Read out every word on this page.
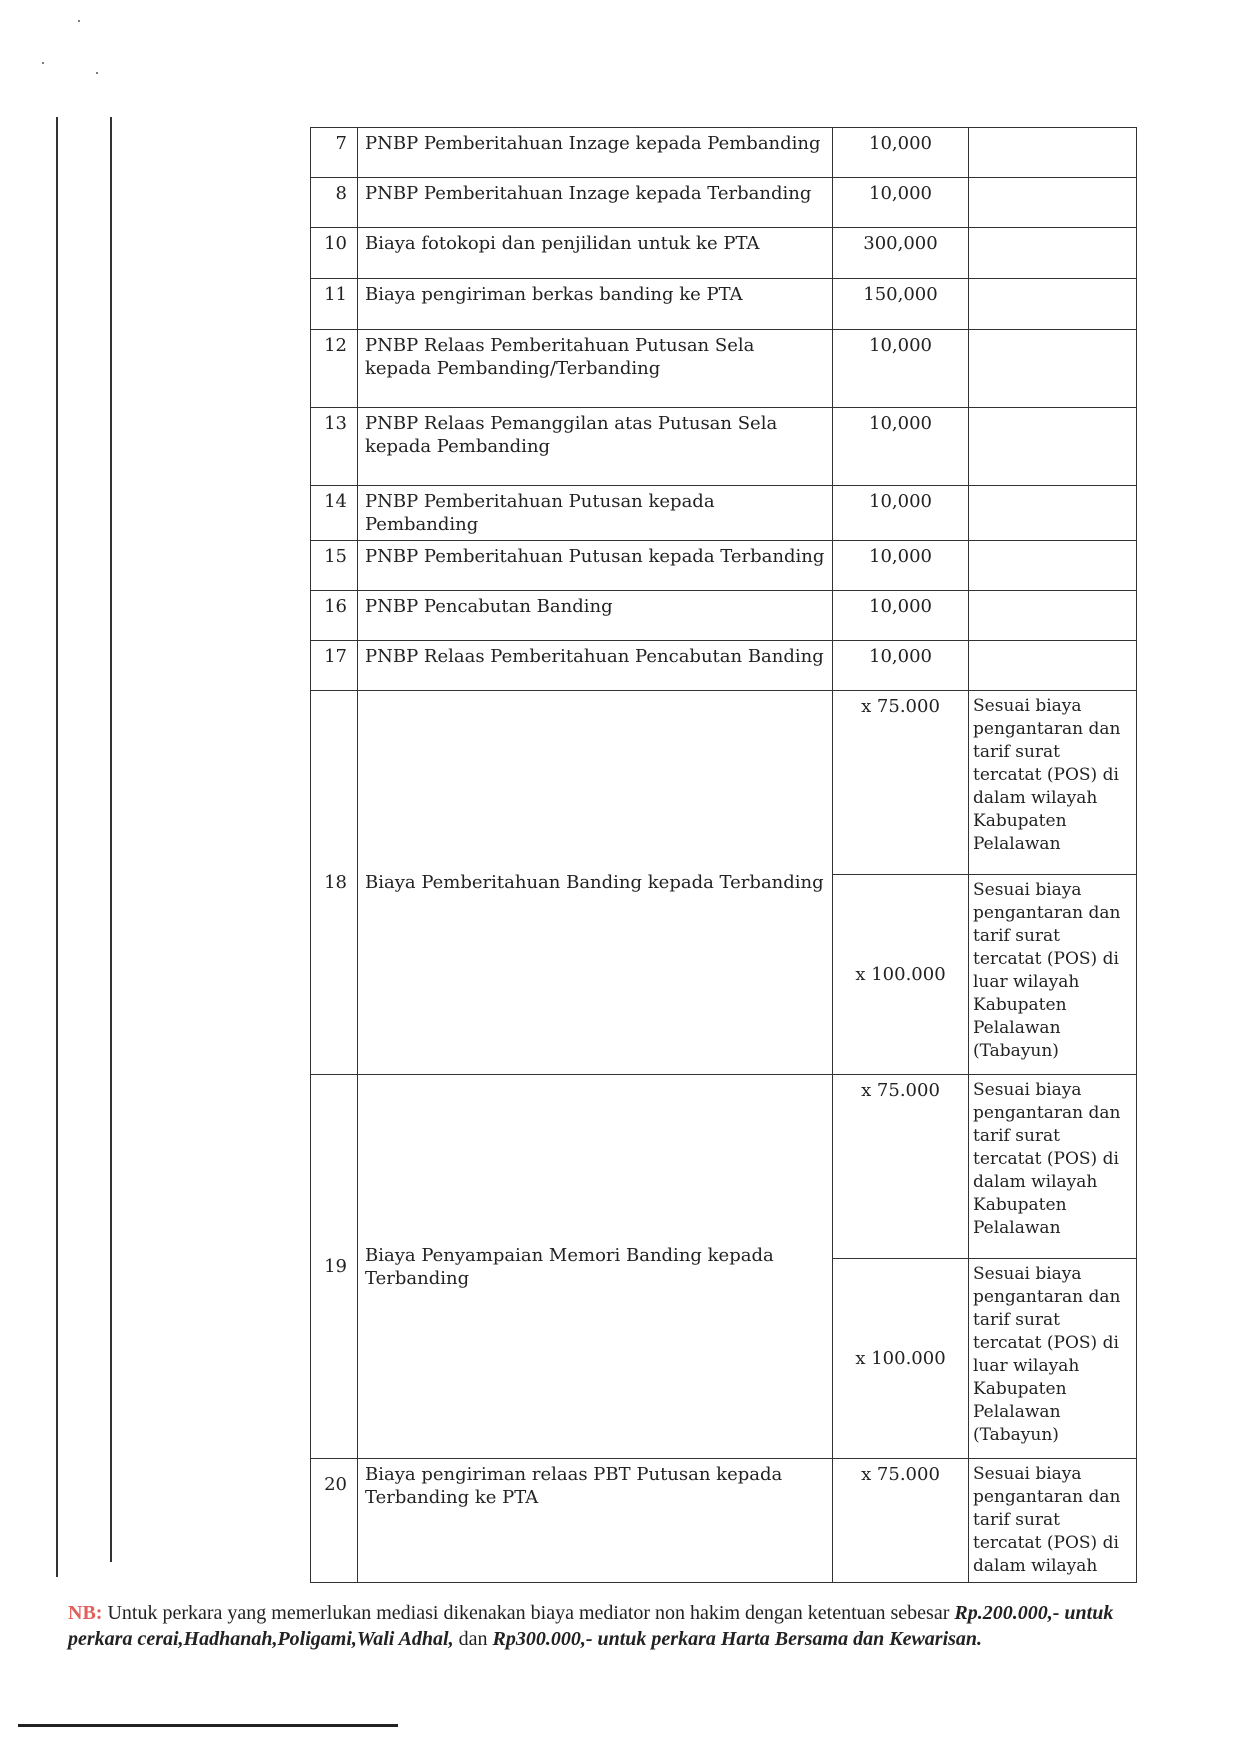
7	PNBP Pemberitahuan Inzage kepada Pembanding	10,000	
8	PNBP Pemberitahuan Inzage kepada Terbanding	10,000	
10	Biaya fotokopi dan penjilidan untuk ke PTA	300,000	
11	Biaya pengiriman berkas banding ke PTA	150,000	
12	PNBP Relaas Pemberitahuan Putusan Sela kepada Pembanding/Terbanding	10,000	
13	PNBP Relaas Pemanggilan atas Putusan Sela kepada Pembanding	10,000	
14	PNBP Pemberitahuan Putusan kepada Pembanding	10,000	
15	PNBP Pemberitahuan Putusan kepada Terbanding	10,000	
16	PNBP Pencabutan Banding	10,000	
17	PNBP Relaas Pemberitahuan Pencabutan Banding	10,000	
18	Biaya Pemberitahuan Banding kepada Terbanding	x 75.000	Sesuai biaya pengantaran dan tarif surat tercatat (POS) di dalam wilayah Kabupaten Pelalawan
		x 100.000	Sesuai biaya pengantaran dan tarif surat tercatat (POS) di luar wilayah Kabupaten Pelalawan (Tabayun)
19	Biaya Penyampaian Memori Banding kepada Terbanding	x 75.000	Sesuai biaya pengantaran dan tarif surat tercatat (POS) di dalam wilayah Kabupaten Pelalawan
		x 100.000	Sesuai biaya pengantaran dan tarif surat tercatat (POS) di luar wilayah Kabupaten Pelalawan (Tabayun)
20	Biaya pengiriman relaas PBT Putusan kepada Terbanding ke PTA	x 75.000	Sesuai biaya pengantaran dan tarif surat tercatat (POS) di dalam wilayah
NB: Untuk perkara yang memerlukan mediasi dikenakan biaya mediator non hakim dengan ketentuan sebesar Rp.200.000,- untuk perkara cerai,Hadhanah,Poligami,Wali Adhal, dan Rp300.000,- untuk perkara Harta Bersama dan Kewarisan.
